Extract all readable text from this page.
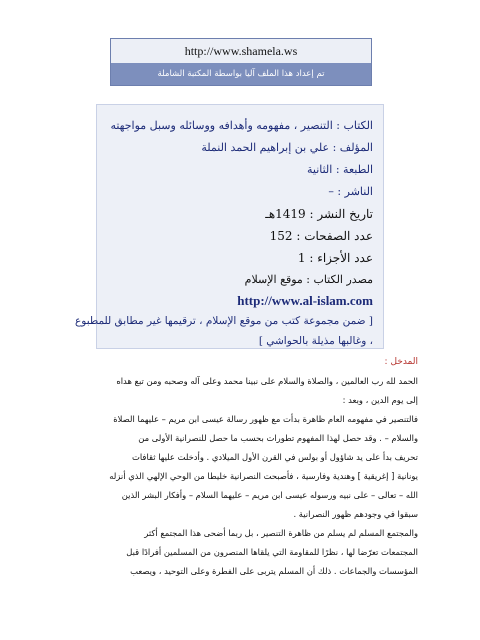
http://www.shamela.ws
تم إعداد هذا الملف آليا بواسطة المكتبة الشاملة
الكتاب : التنصير ، مفهومه وأهدافه ووسائله وسبل مواجهته
المؤلف : علي بن إبراهيم الحمد النملة
الطبعة : الثانية
الناشر : –
تاريخ النشر : 1419هـ
عدد الصفحات : 152
عدد الأجزاء : 1
مصدر الكتاب : موقع الإسلام
http://www.al-islam.com
[ ضمن مجموعة كتب من موقع الإسلام ، ترقيمها غير مطابق للمطبوع
، وغالبها مذيلة بالحواشي ]
المدخل :
الحمد لله رب العالمين ، والصلاة والسلام على نبينا محمد وعلى آله وصحبه ومن تبع هداه
إلى يوم الدين ، وبعد :
فالتنصير في مفهومه العام ظاهرة بدأت مع ظهور رسالة عيسى ابن مريم – عليهما الصلاة
والسلام – . وقد حصل لهذا المفهوم تطورات بحسب ما حصل للنصرانية الأولى من
تحريف بدأ على يد شاؤول أو بولس في القرن الأول الميلادي . وأدخلت عليها ثقافات
يونانية [ إغريقية ] وهندية وفارسية ، فأصبحت النصرانية خليطا من الوحي الإلهي الذي أنزله
الله – تعالى – على نبيه ورسوله عيسى ابن مريم – عليهما السلام – وأفكار البشر الذين
سبقوا في وجودهم ظهور النصرانية .
والمجتمع المسلم لم يسلم من ظاهرة التنصير ، بل ربما أضحى هذا المجتمع أكثر
المجتمعات تعرّضا لها ، نظرًا للمقاومة التي يلقاها المنصرون من المسلمين أفرادًا قبل
المؤسسات والجماعات . ذلك أن المسلم يتربى على الفطرة وعلى التوحيد ، ويصعب
